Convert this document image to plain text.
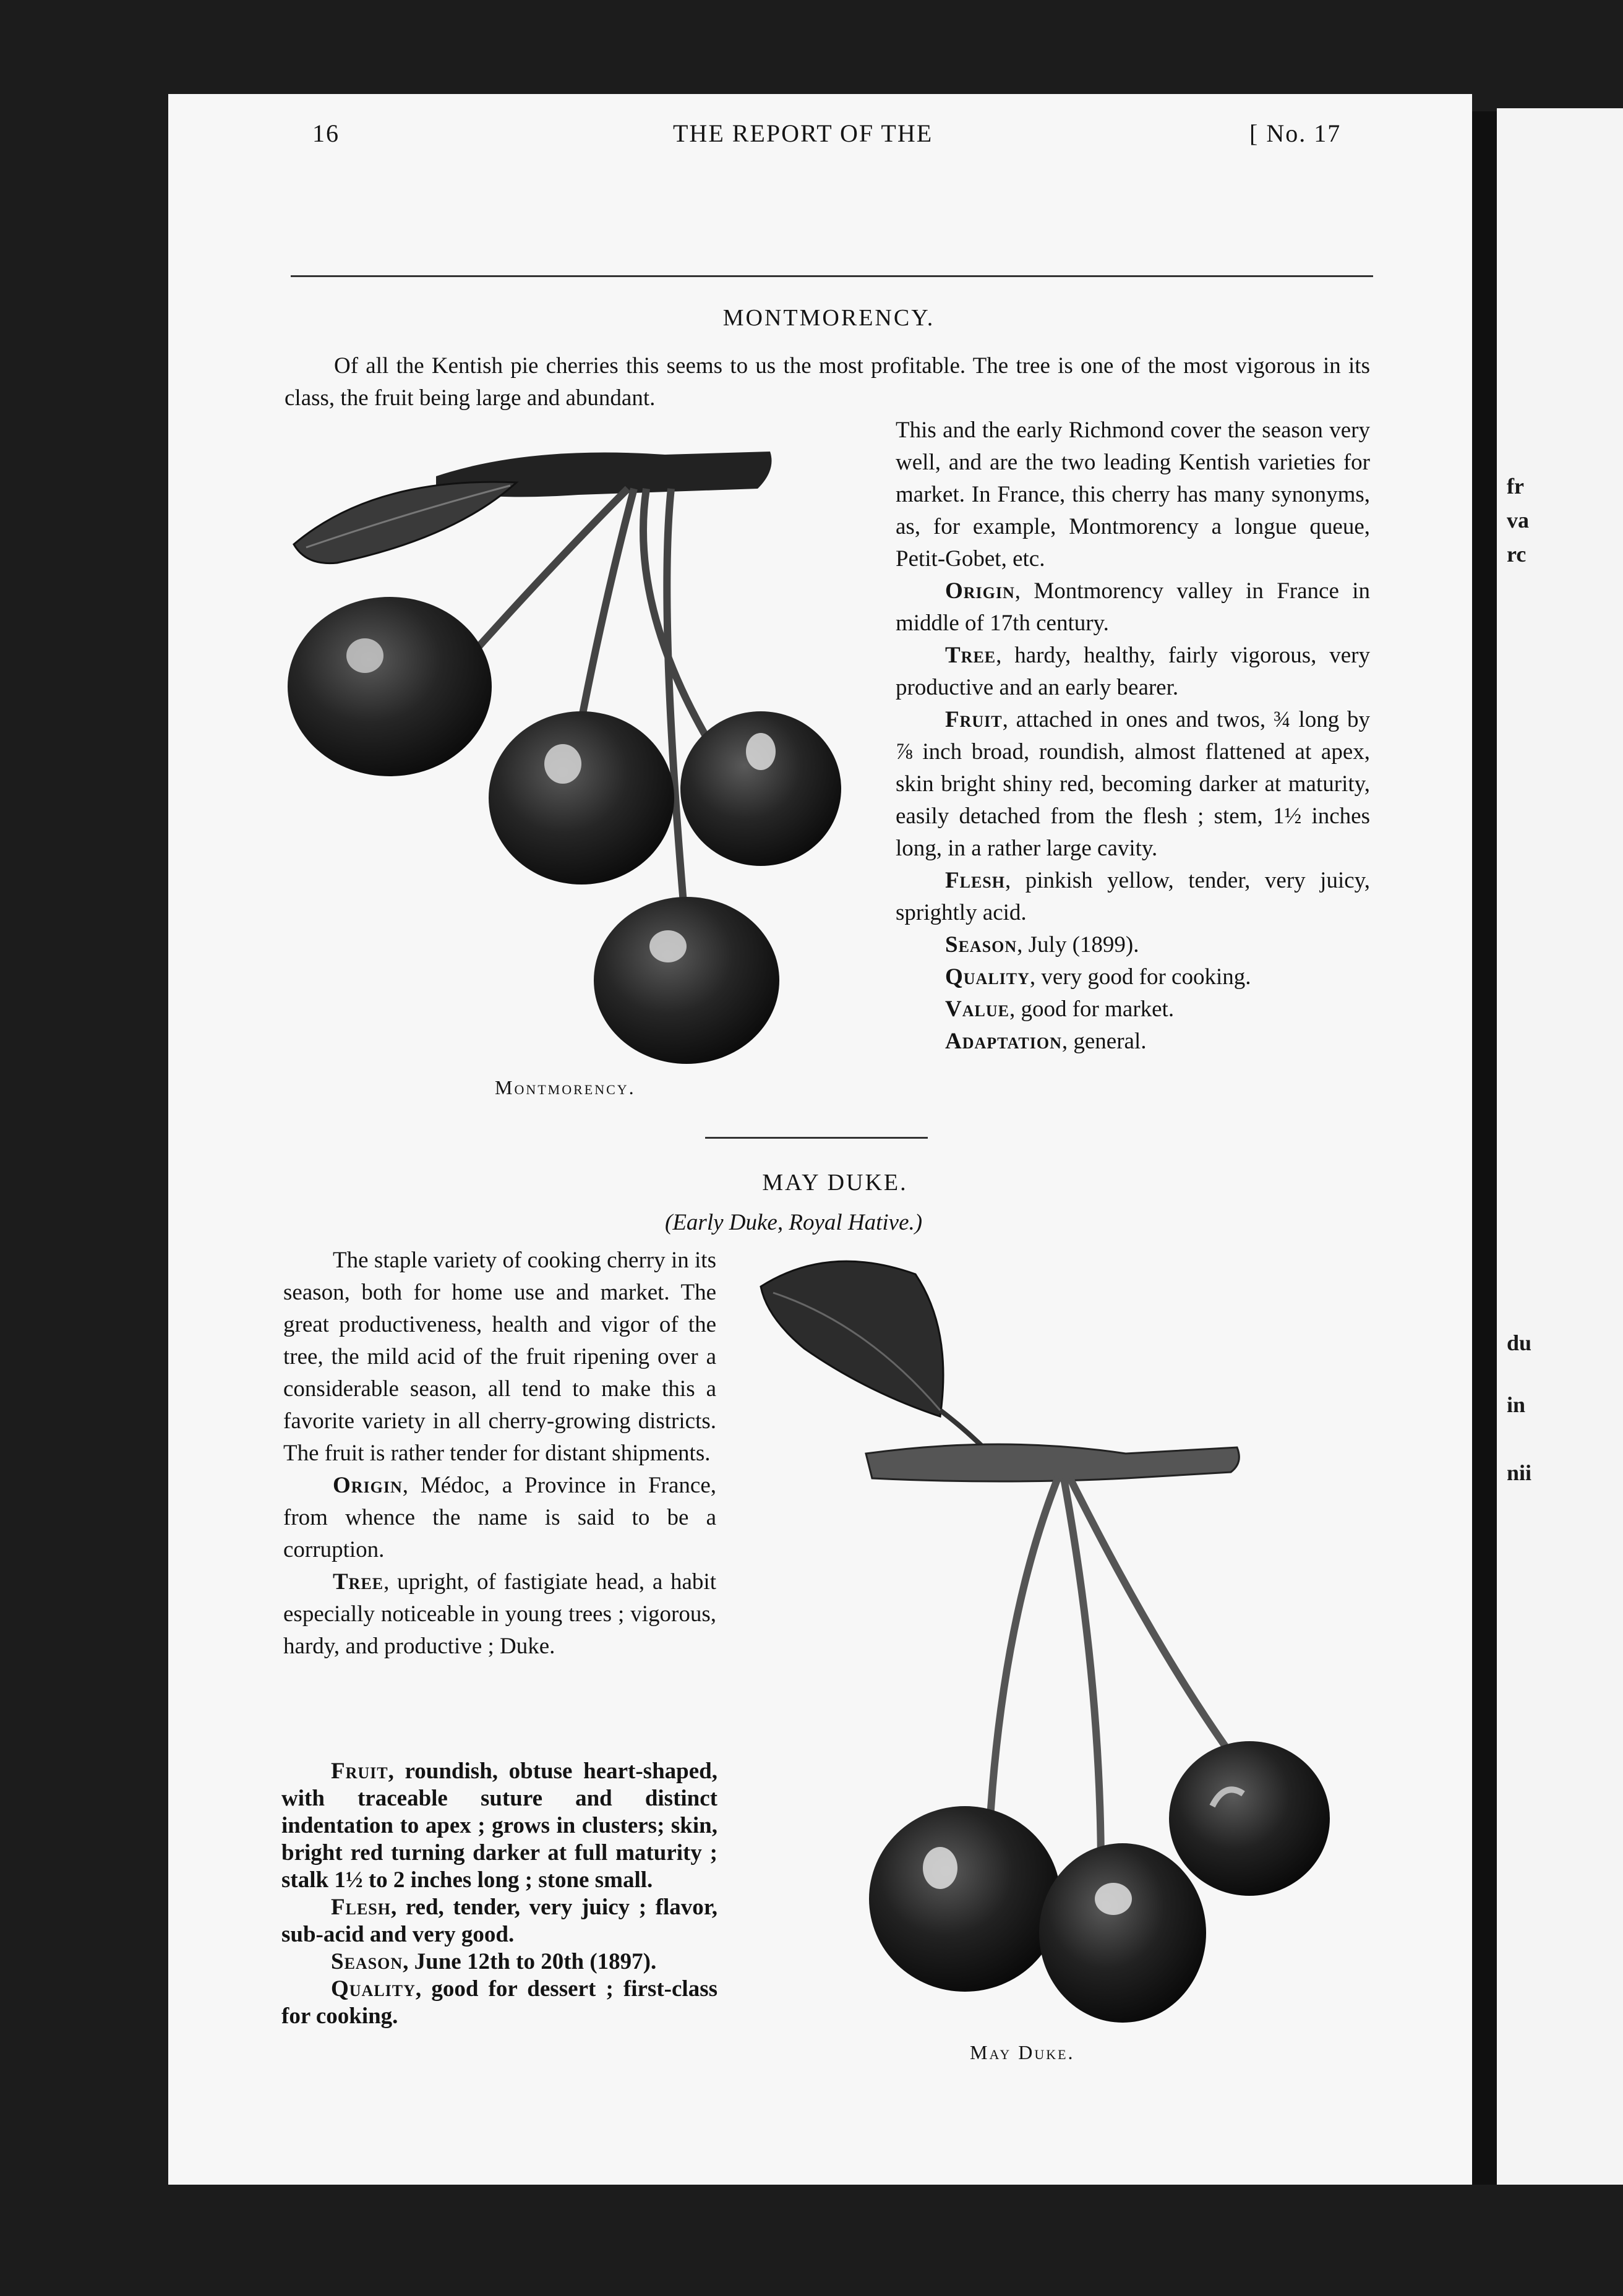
fr
va
rc
du
in
nii
16	THE REPORT OF THE	[ No. 17
MONTMORENCY.
Of all the Kentish pie cherries this seems to us the most profitable. The tree is one of the most vigorous in its class, the fruit being large and abundant.

This and the early Richmond cover the season very well, and are the two leading Kentish varieties for market. In France, this cherry has many synonyms, as, for example, Montmorency a longue queue, Petit-Gobet, etc.

Origin, Montmorency valley in France in middle of 17th century.

Tree, hardy, healthy, fairly vigorous, very productive and an early bearer.

Fruit, attached in ones and twos, ¾ long by ⅞ inch broad, roundish, almost flattened at apex, skin bright shiny red, becoming darker at maturity, easily detached from the flesh ; stem, 1½ inches long, in a rather large cavity.

Flesh, pinkish yellow, tender, very juicy, sprightly acid.

Season, July (1899).

Quality, very good for cooking.

Value, good for market.

Adaptation, general.

Montmorency.
MAY DUKE.
(Early Duke, Royal Hative.)

The staple variety of cooking cherry in its season, both for home use and market. The great productiveness, health and vigor of the tree, the mild acid of the fruit ripening over a considerable season, all tend to make this a favorite variety in all cherry-growing districts. The fruit is rather tender for distant shipments.

Origin, Médoc, a Province in France, from whence the name is said to be a corruption.

Tree, upright, of fastigiate head, a habit especially noticeable in young trees ; vigorous, hardy, and productive ; Duke.

Fruit, roundish, obtuse heart-shaped, with traceable suture and distinct indentation to apex ; grows in clusters; skin, bright red turning darker at full maturity ; stalk 1½ to 2 inches long ; stone small.

Flesh, red, tender, very juicy ; flavor, sub-acid and very good.

Season, June 12th to 20th (1897).

Quality, good for dessert ; first-class for cooking.

May Duke.
